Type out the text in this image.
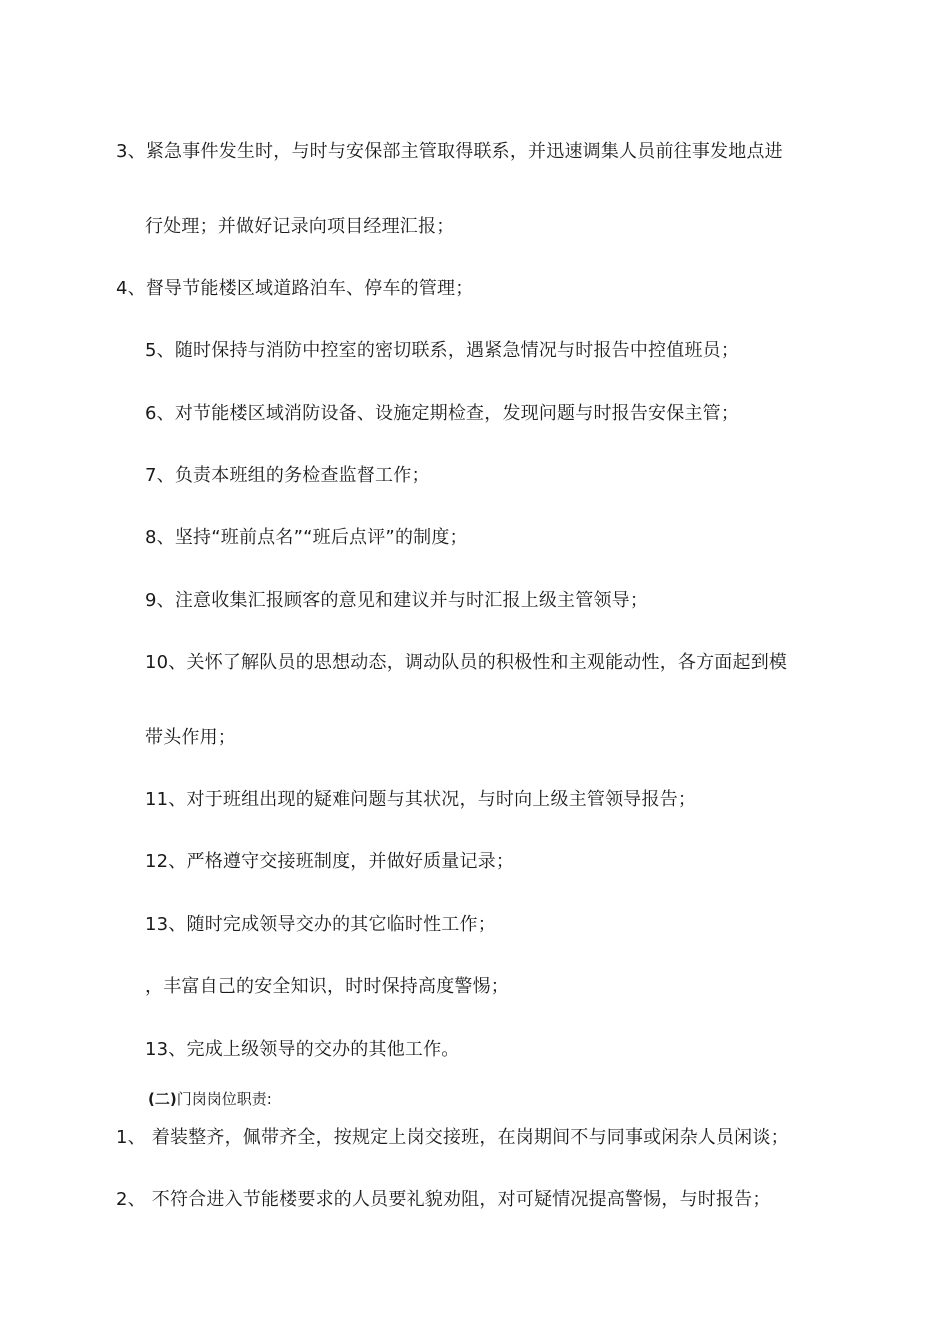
3、紧急事件发生时，与时与安保部主管取得联系，并迅速调集人员前往事发地点进
行处理；并做好记录向项目经理汇报；
4、督导节能楼区域道路泊车、停车的管理；
5、随时保持与消防中控室的密切联系，遇紧急情况与时报告中控值班员；
6、对节能楼区域消防设备、设施定期检查，发现问题与时报告安保主管；
7、负责本班组的务检查监督工作；
8、坚持“班前点名”“班后点评”的制度；
9、注意收集汇报顾客的意见和建议并与时汇报上级主管领导；
10、关怀了解队员的思想动态，调动队员的积极性和主观能动性，各方面起到模
带头作用；
11、对于班组出现的疑难问题与其状况，与时向上级主管领导报告；
12、严格遵守交接班制度，并做好质量记录；
13、随时完成领导交办的其它临时性工作；
，丰富自己的安全知识，时时保持高度警惕；
13、完成上级领导的交办的其他工作。
(二)门岗岗位职责:
1、 着装整齐，佩带齐全，按规定上岗交接班，在岗期间不与同事或闲杂人员闲谈；
2、 不符合进入节能楼要求的人员要礼貌劝阻，对可疑情况提高警惕，与时报告；
